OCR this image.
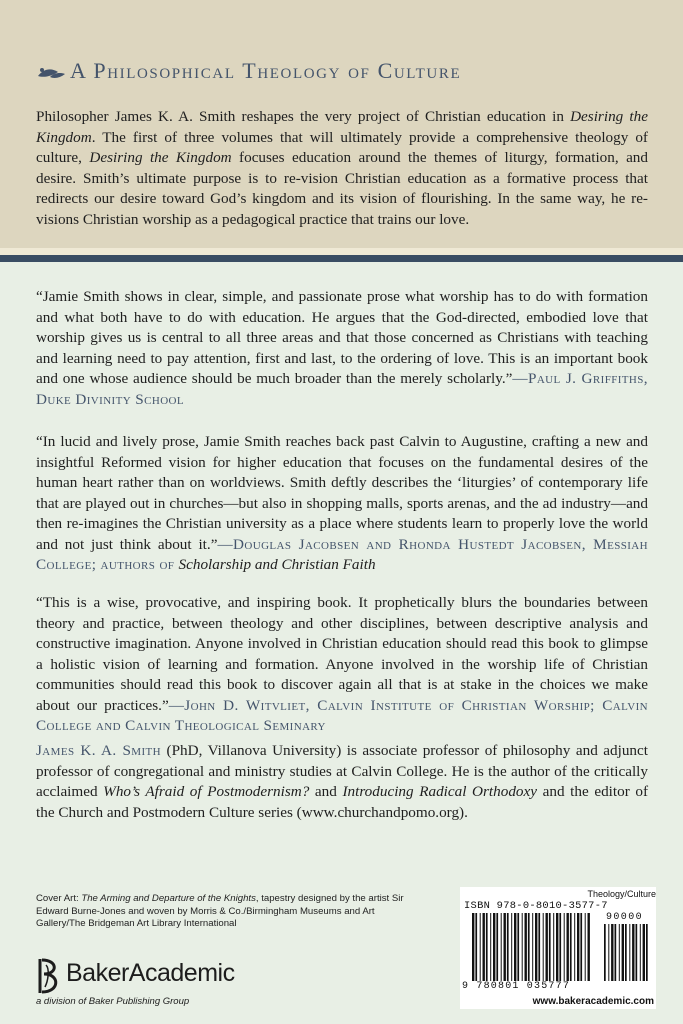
A Philosophical Theology of Culture
Philosopher James K. A. Smith reshapes the very project of Christian education in Desiring the Kingdom. The first of three volumes that will ultimately provide a comprehensive theology of culture, Desiring the Kingdom focuses education around the themes of liturgy, formation, and desire. Smith’s ultimate purpose is to re-vision Christian education as a formative process that redirects our desire toward God’s kingdom and its vision of flourishing. In the same way, he re-visions Christian worship as a pedagogical practice that trains our love.
“Jamie Smith shows in clear, simple, and passionate prose what worship has to do with formation and what both have to do with education. He argues that the God-directed, embodied love that worship gives us is central to all three areas and that those concerned as Christians with teaching and learning need to pay attention, first and last, to the ordering of love. This is an important book and one whose audience should be much broader than the merely scholarly.”—Paul J. Griffiths, Duke Divinity School
“In lucid and lively prose, Jamie Smith reaches back past Calvin to Augustine, crafting a new and insightful Reformed vision for higher education that focuses on the fundamental desires of the human heart rather than on worldviews. Smith deftly describes the ‘liturgies’ of contemporary life that are played out in churches—but also in shopping malls, sports arenas, and the ad industry—and then re-imagines the Christian university as a place where students learn to properly love the world and not just think about it.”—Douglas Jacobsen and Rhonda Hustedt Jacobsen, Messiah College; authors of Scholarship and Christian Faith
“This is a wise, provocative, and inspiring book. It prophetically blurs the boundaries between theory and practice, between theology and other disciplines, between descriptive analysis and constructive imagination. Anyone involved in Christian education should read this book to glimpse a holistic vision of learning and formation. Anyone involved in the worship life of Christian communities should read this book to discover again all that is at stake in the choices we make about our practices.”—John D. Witvliet, Calvin Institute of Christian Worship; Calvin College and Calvin Theological Seminary
James K. A. Smith (PhD, Villanova University) is associate professor of philosophy and adjunct professor of congregational and ministry studies at Calvin College. He is the author of the critically acclaimed Who’s Afraid of Postmodernism? and Introducing Radical Orthodoxy and the editor of the Church and Postmodern Culture series (www.churchandpomo.org).
Cover Art: The Arming and Departure of the Knights, tapestry designed by the artist Sir Edward Burne-Jones and woven by Morris & Co./Birmingham Museums and Art Gallery/The Bridgeman Art Library International
BakerAcademic
a division of Baker Publishing Group
Theology/Culture
ISBN 978-0-8010-3577-7
90000
9 780801 035777
www.bakeracademic.com
